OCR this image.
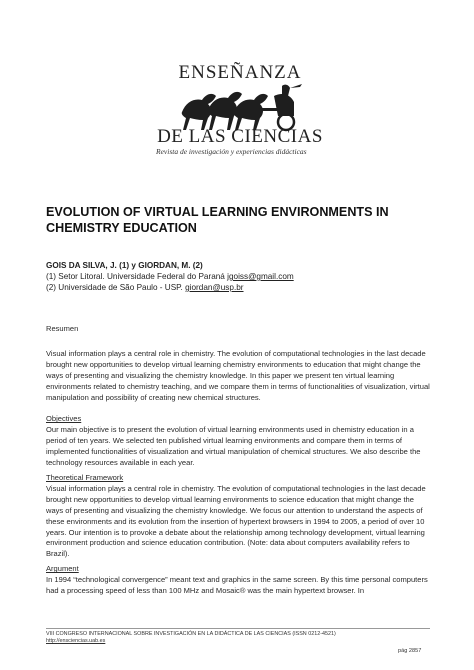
ENSEÑANZA
DE LAS CIENCIAS
Revista de investigación y experiencias didácticas
EVOLUTION OF VIRTUAL LEARNING ENVIRONMENTS IN CHEMISTRY EDUCATION
GOIS DA SILVA, J. (1) y GIORDAN, M. (2)
(1) Setor Litoral. Universidade Federal do Paraná jgoiss@gmail.com
(2) Universidade de São Paulo - USP. giordan@usp.br

Resumen

Visual information plays a central role in chemistry. The evolution of computational technologies in the last decade brought new opportunities to develop virtual learning chemistry environments to education that might change the ways of presenting and visualizing the chemistry knowledge. In this paper we present ten virtual learning environments related to chemistry teaching, and we compare them in terms of functionalities of visualization, virtual manipulation and possibility of creating new chemical structures.

Objectives

Our main objective is to present the evolution of virtual learning environments used in chemistry education in a period of ten years. We selected ten published virtual learning environments and compare them in terms of implemented functionalities of visualization and virtual manipulation of chemical structures. We also describe the technology resources available in each year.

Theoretical Framework

Visual information plays a central role in chemistry. The evolution of computational technologies in the last decade brought new opportunities to develop virtual learning environments to science education that might change the ways of presenting and visualizing the chemistry knowledge. We focus our attention to understand the aspects of these environments and its evolution from the insertion of hypertext browsers in 1994 to 2005, a period of over 10 years. Our intention is to provoke a debate about the relationship among technology development, virtual learning environment production and science education contribution. (Note: data about computers availability refers to Brazil).

Argument

In 1994 “technological convergence” meant text and graphics in the same screen. By this time personal computers had a processing speed of less than 100 MHz and Mosaic® was the main hypertext browser. In

VIII CONGRESO INTERNACIONAL SOBRE INVESTIGACIÓN EN LA DIDÁCTICA DE LAS CIENCIAS (ISSN 0212-4521)
http://ensciencias.uab.es
pág 2857
